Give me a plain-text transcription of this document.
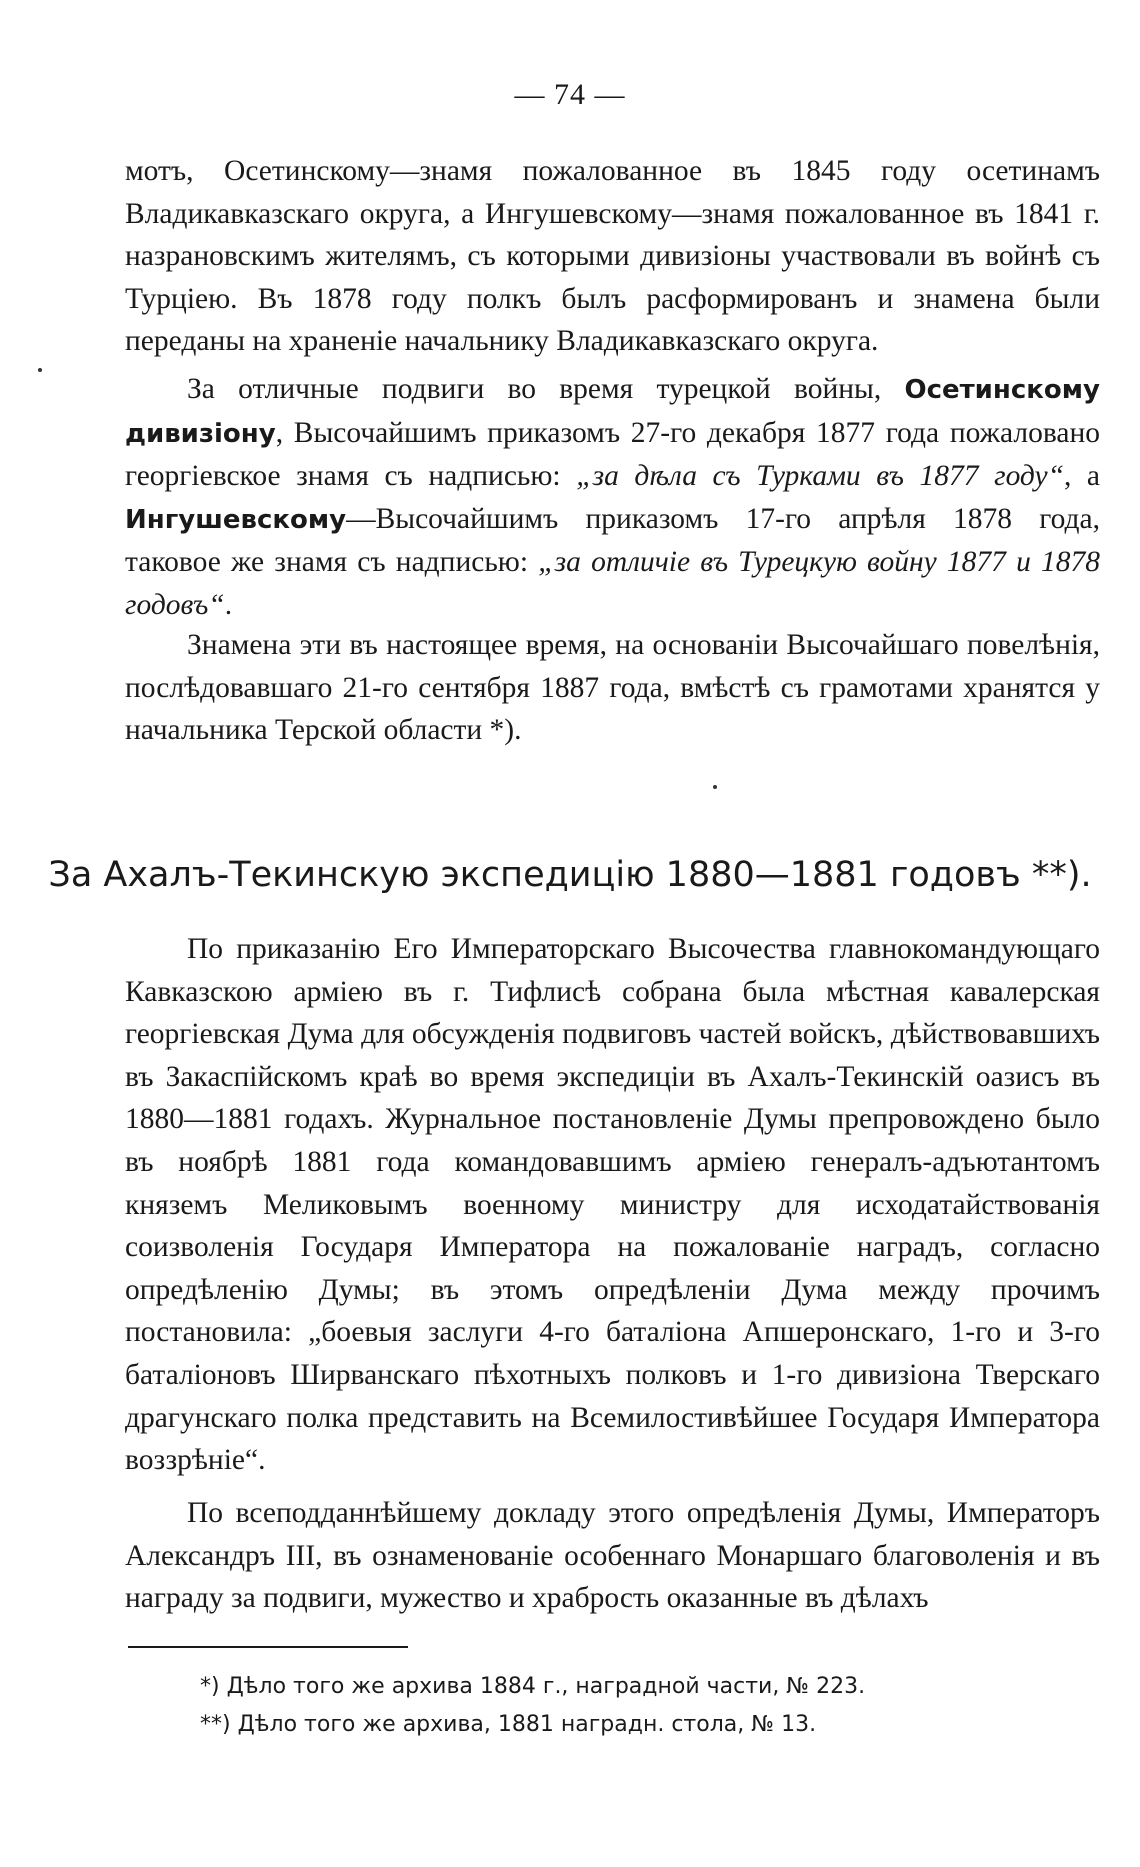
— 74 —

мотъ, Осетинскому—знамя пожалованное въ 1845 году осетинамъ Владикавказскаго округа, а Ингушевскому—знамя пожалованное въ 1841 г. назрановскимъ жителямъ, съ которыми дивизіоны участвовали въ войнѣ съ Турціею. Въ 1878 году полкъ былъ расформированъ и знамена были переданы на храненіе начальнику Владикавказскаго округа.

За отличные подвиги во время турецкой войны, Осетинскому дивизіону, Высочайшимъ приказомъ 27-го декабря 1877 года пожаловано георгіевское знамя съ надписью: „за дѣла съ Турками въ 1877 году“, а Ингушевскому—Высочайшимъ приказомъ 17-го апрѣля 1878 года, таковое же знамя съ надписью: „за отличіе въ Турецкую войну 1877 и 1878 годовъ“.

Знамена эти въ настоящее время, на основаніи Высочайшаго повелѣнія, послѣдовавшаго 21-го сентября 1887 года, вмѣстѣ съ грамотами хранятся у начальника Терской области *).

За Ахалъ-Текинскую экспедицію 1880—1881 годовъ **).

По приказанію Его Императорскаго Высочества главнокомандующаго Кавказскою арміею въ г. Тифлисѣ собрана была мѣстная кавалерская георгіевская Дума для обсужденія подвиговъ частей войскъ, дѣйствовавшихъ въ Закаспійскомъ краѣ во время экспедиціи въ Ахалъ-Текинскій оазисъ въ 1880—1881 годахъ. Журнальное постановленіе Думы препровождено было въ ноябрѣ 1881 года командовавшимъ арміею генералъ-адъютантомъ княземъ Меликовымъ военному министру для исходатайствованія соизволенія Государя Императора на пожалованіе наградъ, согласно опредѣленію Думы; въ этомъ опредѣленіи Дума между прочимъ постановила: „боевыя заслуги 4-го баталіона Апшеронскаго, 1-го и 3-го баталіоновъ Ширванскаго пѣхотныхъ полковъ и 1-го дивизіона Тверскаго драгунскаго полка представить на Всемилостивѣйшее Государя Императора воззрѣніе“.

По всеподданнѣйшему докладу этого опредѣленія Думы, Императоръ Александръ III, въ ознаменованіе особеннаго Монаршаго благоволенія и въ награду за подвиги, мужество и храбрость оказанные въ дѣлахъ

*) Дѣло того же архива 1884 г., наградной части, № 223.

**) Дѣло того же архива, 1881 наградн. стола, № 13.
